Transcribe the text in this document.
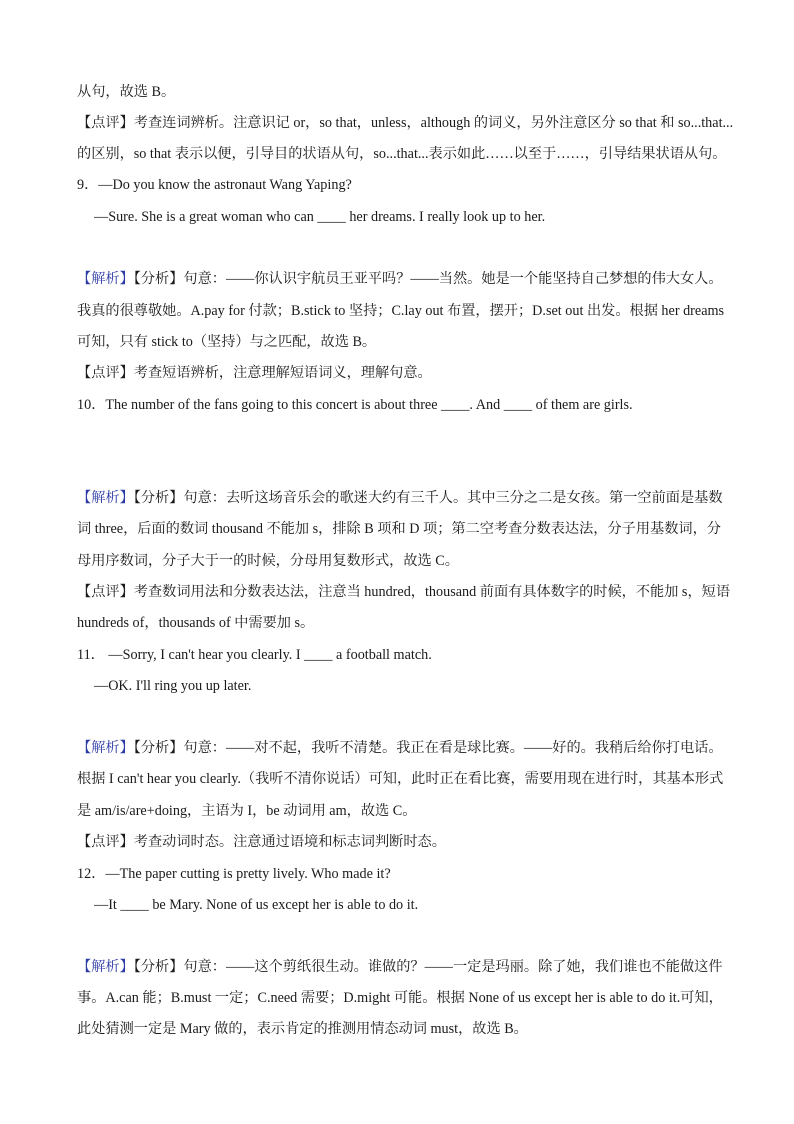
从句，故选 B。
【点评】考查连词辨析。注意识记 or，so that，unless，although 的词义，另外注意区分 so that 和 so...that...
的区别，so that 表示以便，引导目的状语从句，so...that...表示如此……以至于……，引导结果状语从句。
9．—Do you know the astronaut Wang Yaping?
—Sure. She is a great woman who can ____ her dreams. I really look up to her.
【解析】【分析】句意：——你认识宇航员王亚平吗？——当然。她是一个能坚持自己梦想的伟大女人。
我真的很尊敬她。A.pay for 付款；B.stick to 坚持；C.lay out 布置，摆开；D.set out 出发。根据 her dreams
可知，只有 stick to（坚持）与之匹配，故选 B。
【点评】考查短语辨析，注意理解短语词义，理解句意。
10．The number of the fans going to this concert is about three ____. And ____ of them are girls.
【解析】【分析】句意：去听这场音乐会的歌迷大约有三千人。其中三分之二是女孩。第一空前面是基数
词 three，后面的数词 thousand 不能加 s，排除 B 项和 D 项；第二空考查分数表达法，分子用基数词，分
母用序数词，分子大于一的时候，分母用复数形式，故选 C。
【点评】考查数词用法和分数表达法，注意当 hundred，thousand 前面有具体数字的时候，不能加 s，短语
hundreds of，thousands of 中需要加 s。
11． —Sorry, I can't hear you clearly. I ____ a football match.
—OK. I'll ring you up later.
【解析】【分析】句意：——对不起，我听不清楚。我正在看是球比赛。——好的。我稍后给你打电话。
根据 I can't hear you clearly.（我听不清你说话）可知，此时正在看比赛，需要用现在进行时，其基本形式
是 am/is/are+doing，主语为 I，be 动词用 am，故选 C。
【点评】考查动词时态。注意通过语境和标志词判断时态。
12．—The paper cutting is pretty lively. Who made it?
—It ____ be Mary. None of us except her is able to do it.
【解析】【分析】句意：——这个剪纸很生动。谁做的？——一定是玛丽。除了她，我们谁也不能做这件
事。A.can 能；B.must 一定；C.need 需要；D.might 可能。根据 None of us except her is able to do it.可知，
此处猜测一定是 Mary 做的，表示肯定的推测用情态动词 must，故选 B。
